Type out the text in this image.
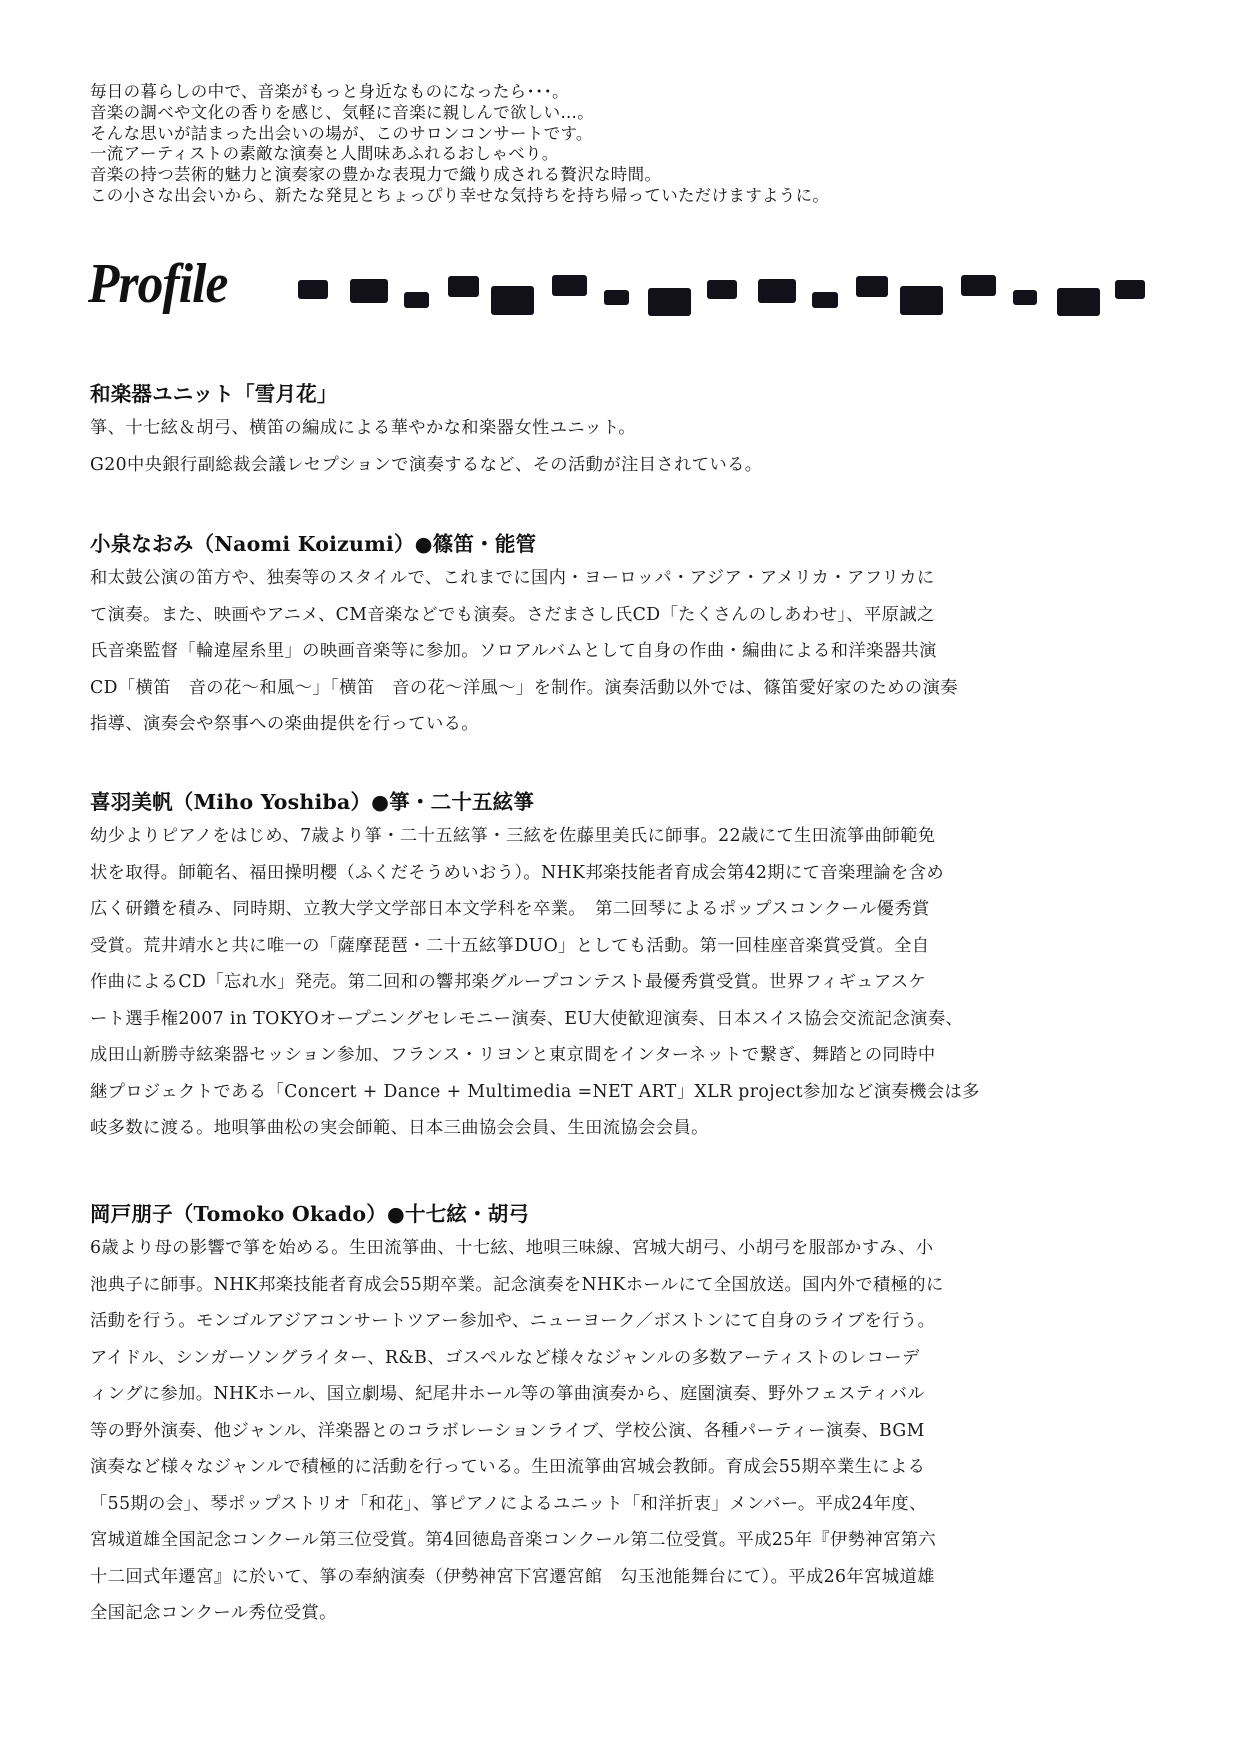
毎日の暮らしの中で、音楽がもっと身近なものになったら･･･。
音楽の調べや文化の香りを感じ、気軽に音楽に親しんで欲しい…。
そんな思いが詰まった出会いの場が、このサロンコンサートです。
一流アーティストの素敵な演奏と人間味あふれるおしゃべり。
音楽の持つ芸術的魅力と演奏家の豊かな表現力で織り成される贅沢な時間。
この小さな出会いから、新たな発見とちょっぴり幸せな気持ちを持ち帰っていただけますように。
Profile
和楽器ユニット「雪月花」
箏、十七絃＆胡弓、横笛の編成による華やかな和楽器女性ユニット。
G20中央銀行副総裁会議レセプションで演奏するなど、その活動が注目されている。
小泉なおみ（Naomi Koizumi）●篠笛・能管
和太鼓公演の笛方や、独奏等のスタイルで、これまでに国内・ヨーロッパ・アジア・アメリカ・アフリカに
て演奏。また、映画やアニメ、CM音楽などでも演奏。さだまさし氏CD「たくさんのしあわせ」、平原誠之
氏音楽監督「輪違屋糸里」の映画音楽等に参加。ソロアルバムとして自身の作曲・編曲による和洋楽器共演
CD「横笛　音の花～和風～」「横笛　音の花～洋風～」を制作。演奏活動以外では、篠笛愛好家のための演奏
指導、演奏会や祭事への楽曲提供を行っている。
喜羽美帆（Miho Yoshiba）●箏・二十五絃箏
幼少よりピアノをはじめ、7歳より箏・二十五絃箏・三絃を佐藤里美氏に師事。22歳にて生田流箏曲師範免
状を取得。師範名、福田操明櫻（ふくだそうめいおう）。NHK邦楽技能者育成会第42期にて音楽理論を含め
広く研鑽を積み、同時期、立教大学文学部日本文学科を卒業。　第二回琴によるポップスコンクール優秀賞
受賞。荒井靖水と共に唯一の「薩摩琵琶・二十五絃箏DUO」としても活動。第一回桂座音楽賞受賞。全自
作曲によるCD「忘れ水」発売。第二回和の響邦楽グループコンテスト最優秀賞受賞。世界フィギュアスケ
ート選手権2007 in TOKYOオープニングセレモニー演奏、EU大使歓迎演奏、日本スイス協会交流記念演奏、
成田山新勝寺絃楽器セッション参加、フランス・リヨンと東京間をインターネットで繋ぎ、舞踏との同時中
継プロジェクトである「Concert + Dance + Multimedia =NET ART」XLR project参加など演奏機会は多
岐多数に渡る。地唄箏曲松の実会師範、日本三曲協会会員、生田流協会会員。
岡戸朋子（Tomoko Okado）●十七絃・胡弓
6歳より母の影響で箏を始める。生田流箏曲、十七絃、地唄三味線、宮城大胡弓、小胡弓を服部かすみ、小
池典子に師事。NHK邦楽技能者育成会55期卒業。記念演奏をNHKホールにて全国放送。国内外で積極的に
活動を行う。モンゴルアジアコンサートツアー参加や、ニューヨーク／ボストンにて自身のライブを行う。
アイドル、シンガーソングライター、R&B、ゴスペルなど様々なジャンルの多数アーティストのレコーデ
ィングに参加。NHKホール、国立劇場、紀尾井ホール等の箏曲演奏から、庭園演奏、野外フェスティバル
等の野外演奏、他ジャンル、洋楽器とのコラボレーションライブ、学校公演、各種パーティー演奏、BGM
演奏など様々なジャンルで積極的に活動を行っている。生田流箏曲宮城会教師。育成会55期卒業生による
「55期の会」、琴ポップストリオ「和花」、箏ピアノによるユニット「和洋折衷」メンバー。平成24年度、
宮城道雄全国記念コンクール第三位受賞。第4回徳島音楽コンクール第二位受賞。平成25年『伊勢神宮第六
十二回式年遷宮』に於いて、箏の奉納演奏（伊勢神宮下宮遷宮館　勾玉池能舞台にて）。平成26年宮城道雄
全国記念コンクール秀位受賞。
